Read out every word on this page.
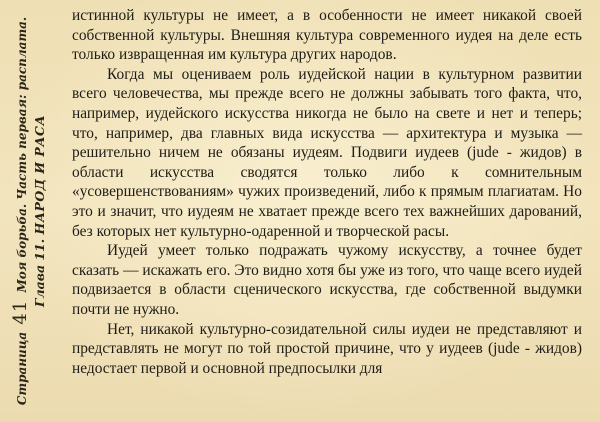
Страница 41 Моя борьба. Часть первая: расплата.
Глава 11. НАРОД И РАСА

истинной культуры не имеет, а в особенности не имеет никакой своей собственной культуры. Внешняя культура современного иудея на деле есть только извращенная им культура других народов.

Когда мы оцениваем роль иудейской нации в культурном развитии всего человечества, мы прежде всего не должны забывать того факта, что, например, иудейского искусства никогда не было на свете и нет и теперь; что, например, два главных вида искусства — архитектура и музыка — решительно ничем не обязаны иудеям. Подвиги иудеев (jude - жидов) в области искусства сводятся только либо к сомнительным «усовершенствованиям» чужих произведений, либо к прямым плагиатам. Но это и значит, что иудеям не хватает прежде всего тех важнейших дарований, без которых нет культурно-одаренной и творческой расы.

Иудей умеет только подражать чужому искусству, а точнее будет сказать — искажать его. Это видно хотя бы уже из того, что чаще всего иудей подвизается в области сценического искусства, где собственной выдумки почти не нужно.

Нет, никакой культурно-созидательной силы иудеи не представляют и представлять не могут по той простой причине, что у иудеев (jude - жидов) недостает первой и основной предпосылки для
